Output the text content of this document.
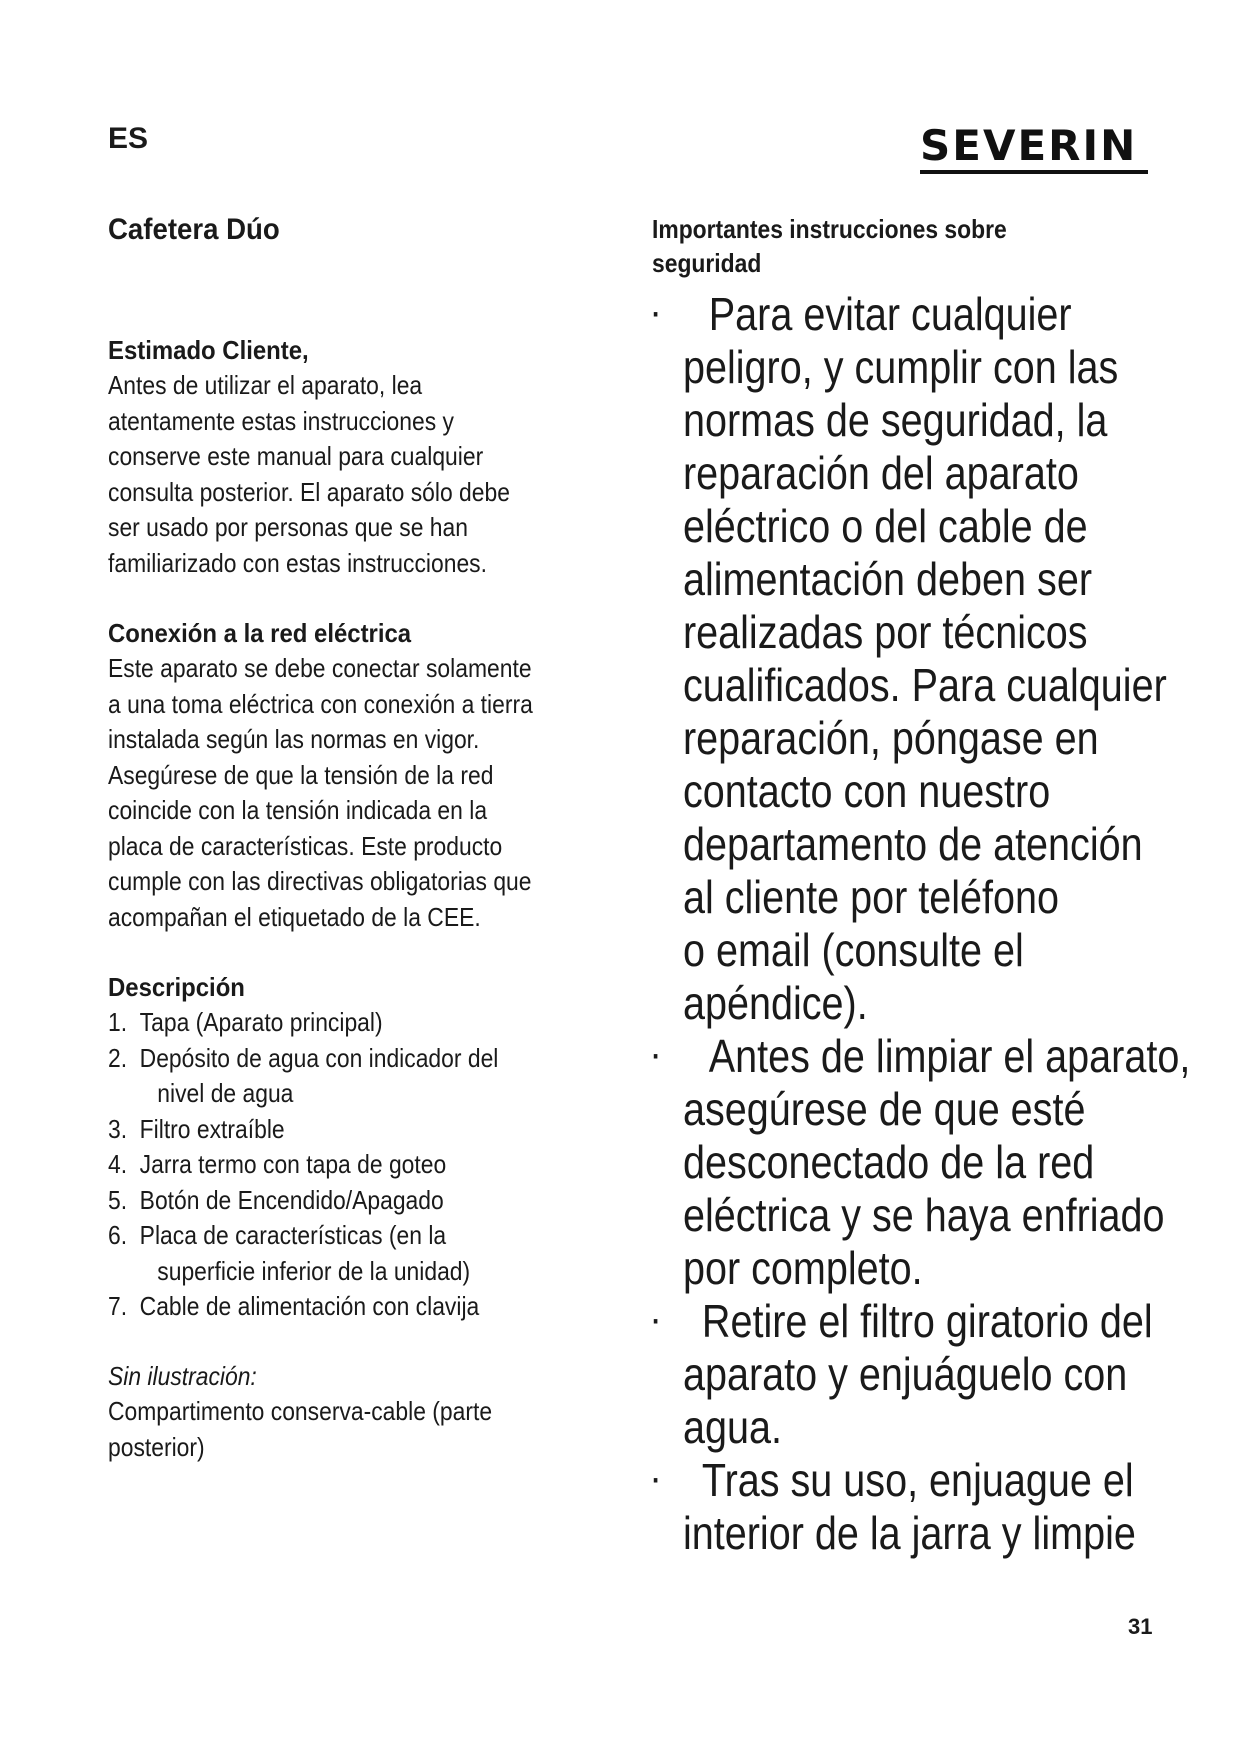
ES	SEVERIN
Cafetera Dúo
Estimado Cliente,

Antes de utilizar el aparato, lea

atentamente estas instrucciones y

conserve este manual para cualquier

consulta posterior. El aparato sólo debe

ser usado por personas que se han

familiarizado con estas instrucciones.

Conexión a la red eléctrica

Este aparato se debe conectar solamente

a una toma eléctrica con conexión a tierra

instalada según las normas en vigor.

Asegúrese de que la tensión de la red

coincide con la tensión indicada en la

placa de características. Este producto

cumple con las directivas obligatorias que

acompañan el etiquetado de la CEE.

Descripción
1. Tapa (Aparato principal)
2. Depósito de agua con indicador del
nivel de agua
3. Filtro extraíble
4. Jarra termo con tapa de goteo
5. Botón de Encendido/Apagado
6. Placa de características (en la
superficie inferior de la unidad)
7. Cable de alimentación con clavija

Sin ilustración:

Compartimento conserva-cable (parte

posterior)

Importantes instrucciones sobre
seguridad
· Para evitar cualquier
peligro, y cumplir con las
normas de seguridad, la
reparación del aparato
eléctrico o del cable de
alimentación deben ser
realizadas por técnicos
cualificados. Para cualquier
reparación, póngase en
contacto con nuestro
departamento de atención
al cliente por teléfono
o email (consulte el
apéndice).
· Antes de limpiar el aparato,
asegúrese de que esté
desconectado de la red
eléctrica y se haya enfriado
por completo.
· Retire el filtro giratorio del
aparato y enjuáguelo con
agua.
· Tras su uso, enjuague el
interior de la jarra y limpie

31
